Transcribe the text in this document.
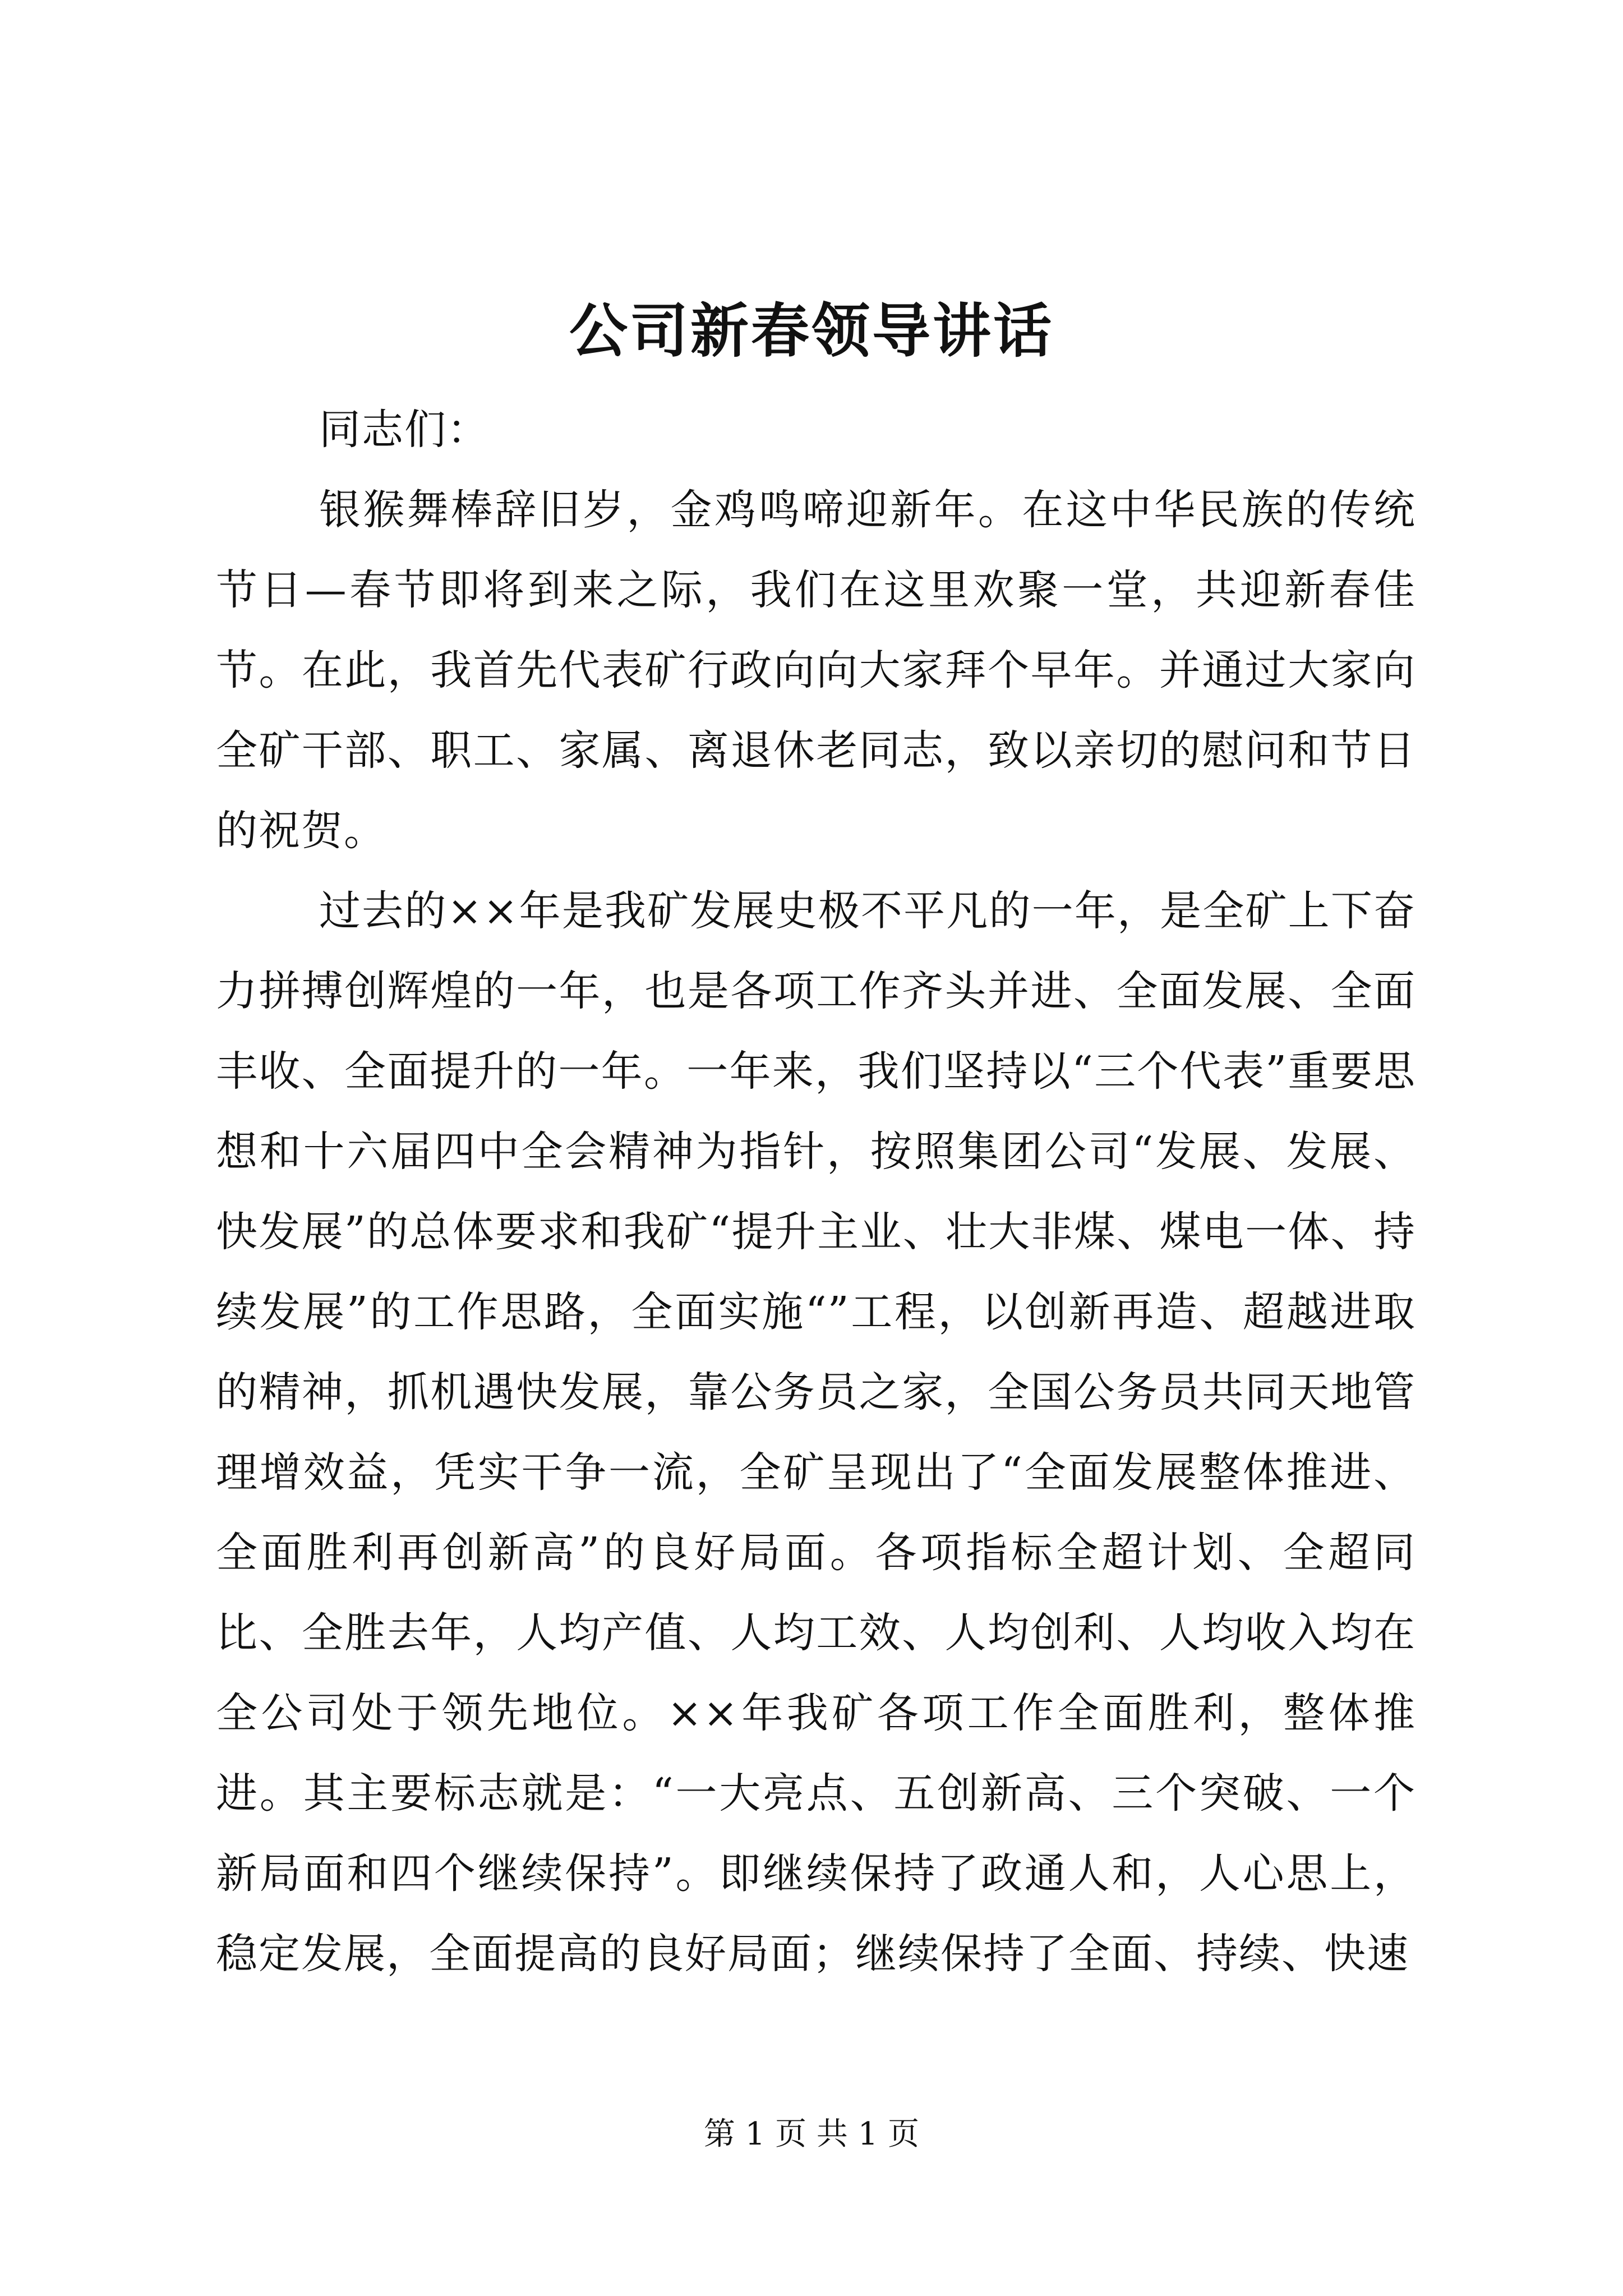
公司新春领导讲话

同志们：

银猴舞棒辞旧岁，金鸡鸣啼迎新年。在这中华民族的传统节日—春节即将到来之际，我们在这里欢聚一堂，共迎新春佳节。在此，我首先代表矿行政向向大家拜个早年。并通过大家向全矿干部、职工、家属、离退休老同志，致以亲切的慰问和节日的祝贺。

过去的××年是我矿发展史极不平凡的一年，是全矿上下奋力拼搏创辉煌的一年，也是各项工作齐头并进、全面发展、全面丰收、全面提升的一年。一年来，我们坚持以“三个代表”重要思想和十六届四中全会精神为指针，按照集团公司“发展、发展、快发展”的总体要求和我矿“提升主业、壮大非煤、煤电一体、持续发展”的工作思路，全面实施“”工程，以创新再造、超越进取的精神，抓机遇快发展，靠公务员之家，全国公务员共同天地管理增效益，凭实干争一流，全矿呈现出了“全面发展整体推进、全面胜利再创新高”的良好局面。各项指标全超计划、全超同比、全胜去年，人均产值、人均工效、人均创利、人均收入均在全公司处于领先地位。××年我矿各项工作全面胜利，整体推进。其主要标志就是：“一大亮点、五创新高、三个突破、一个新局面和四个继续保持”。即继续保持了政通人和，人心思上，稳定发展，全面提高的良好局面；继续保持了全面、持续、快速

第 1 页 共 1 页
